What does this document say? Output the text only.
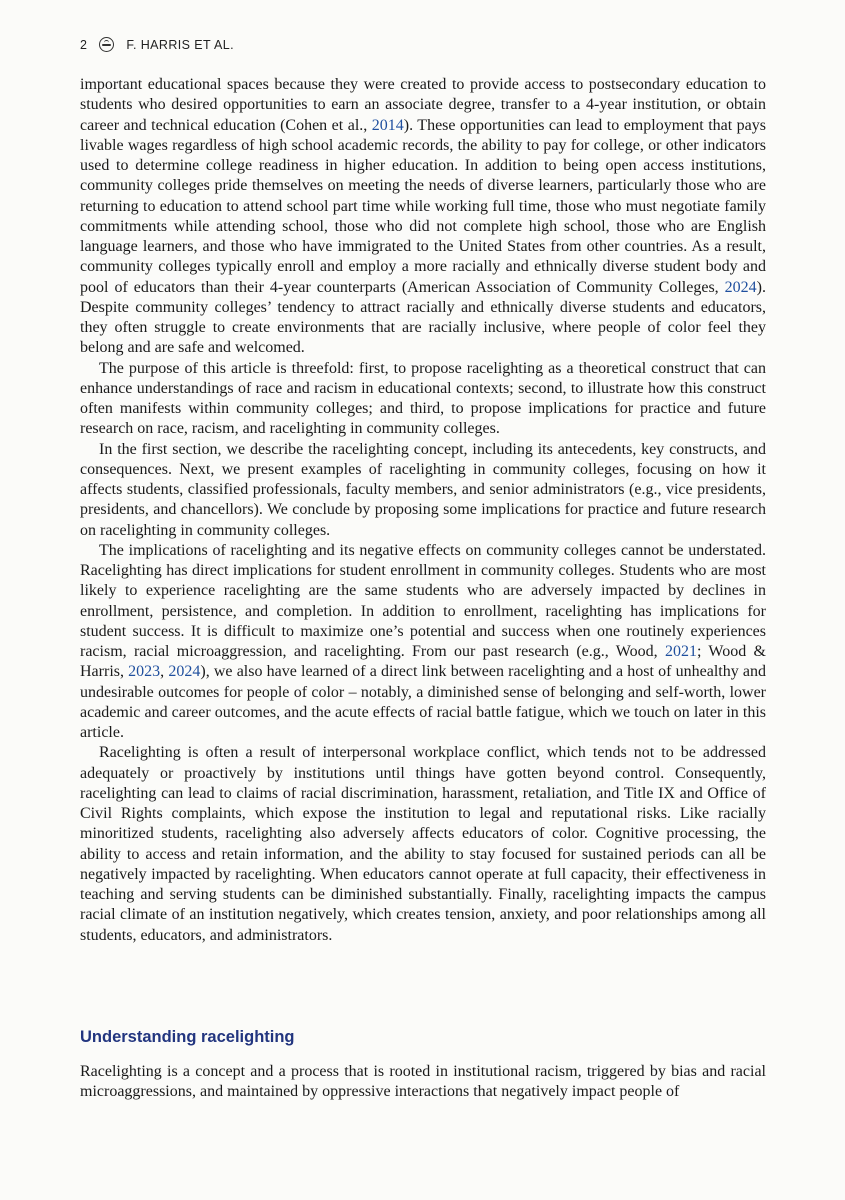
2	F. HARRIS ET AL.

important educational spaces because they were created to provide access to postsecondary education to students who desired opportunities to earn an associate degree, transfer to a 4-year institution, or obtain career and technical education (Cohen et al., 2014). These opportunities can lead to employment that pays livable wages regardless of high school academic records, the ability to pay for college, or other indicators used to determine college readiness in higher education. In addition to being open access institutions, community colleges pride themselves on meeting the needs of diverse learners, particularly those who are returning to education to attend school part time while working full time, those who must negotiate family commitments while attending school, those who did not complete high school, those who are English language learners, and those who have immigrated to the United States from other countries. As a result, community colleges typically enroll and employ a more racially and ethnically diverse student body and pool of educators than their 4-year counterparts (American Association of Community Colleges, 2024). Despite community colleges’ tendency to attract racially and ethnically diverse students and educators, they often struggle to create environments that are racially inclusive, where people of color feel they belong and are safe and welcomed.

The purpose of this article is threefold: first, to propose racelighting as a theoretical construct that can enhance understandings of race and racism in educational contexts; second, to illustrate how this construct often manifests within community colleges; and third, to propose implications for practice and future research on race, racism, and racelighting in community colleges.

In the first section, we describe the racelighting concept, including its antecedents, key constructs, and consequences. Next, we present examples of racelighting in community colleges, focusing on how it affects students, classified professionals, faculty members, and senior administrators (e.g., vice presidents, presidents, and chancellors). We conclude by proposing some implications for practice and future research on racelighting in community colleges.

The implications of racelighting and its negative effects on community colleges cannot be understated. Racelighting has direct implications for student enrollment in community colleges. Students who are most likely to experience racelighting are the same students who are adversely impacted by declines in enrollment, persistence, and completion. In addition to enrollment, racelighting has implications for student success. It is difficult to maximize one’s potential and success when one routinely experiences racism, racial microaggression, and racelighting. From our past research (e.g., Wood, 2021; Wood & Harris, 2023, 2024), we also have learned of a direct link between racelighting and a host of unhealthy and undesirable outcomes for people of color – notably, a diminished sense of belonging and self-worth, lower academic and career outcomes, and the acute effects of racial battle fatigue, which we touch on later in this article.

Racelighting is often a result of interpersonal workplace conflict, which tends not to be addressed adequately or proactively by institutions until things have gotten beyond control. Consequently, racelighting can lead to claims of racial discrimination, harassment, retaliation, and Title IX and Office of Civil Rights complaints, which expose the institution to legal and reputational risks. Like racially minoritized students, racelighting also adversely affects educators of color. Cognitive processing, the ability to access and retain information, and the ability to stay focused for sustained periods can all be negatively impacted by racelighting. When educators cannot operate at full capacity, their effectiveness in teaching and serving students can be diminished substantially. Finally, racelighting impacts the campus racial climate of an institution negatively, which creates tension, anxiety, and poor relationships among all students, educators, and administrators.

Understanding racelighting

Racelighting is a concept and a process that is rooted in institutional racism, triggered by bias and racial microaggressions, and maintained by oppressive interactions that negatively impact people of
